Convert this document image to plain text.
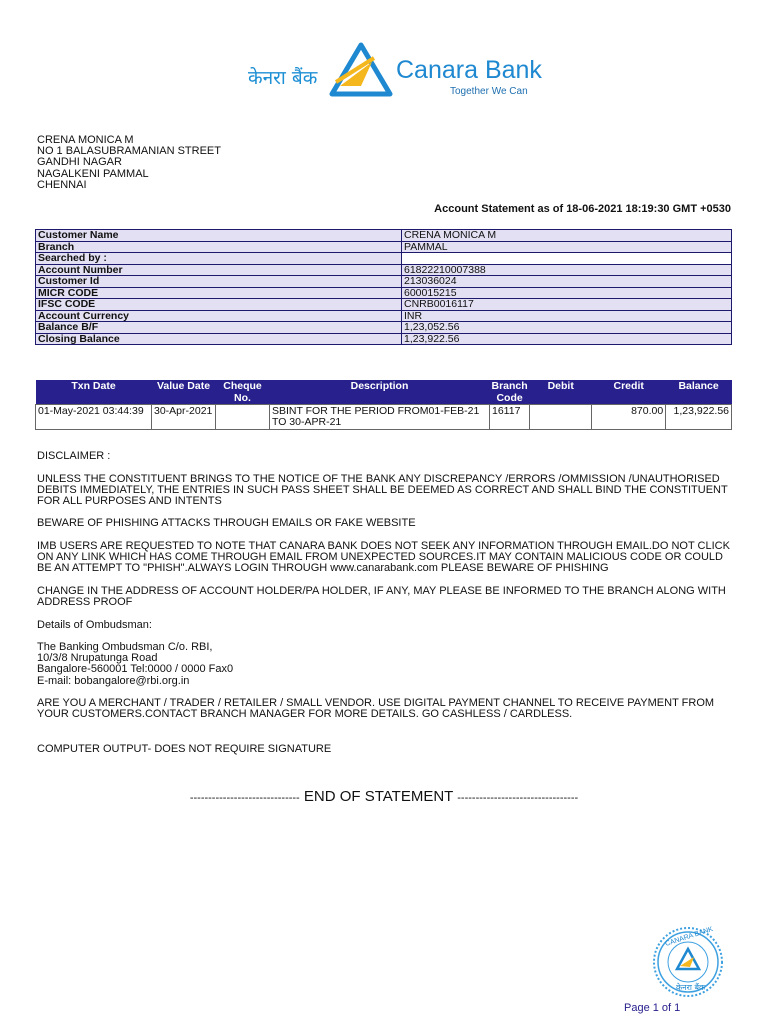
केनरा बैंक	Canara Bank
Together We Can
CRENA MONICA M
NO 1 BALASUBRAMANIAN STREET
GANDHI NAGAR
NAGALKENI PAMMAL
CHENNAI
Account Statement as of 18-06-2021 18:19:30 GMT +0530
Customer Name	CRENA MONICA M
Branch	PAMMAL
Searched by :	
Account Number	61822210007388
Customer Id	213036024
MICR CODE	600015215
IFSC CODE	CNRB0016117
Account Currency	INR
Balance B/F	1,23,052.56
Closing Balance	1,23,922.56
Txn Date	Value Date	Cheque No.	Description	Branch Code	Debit	Credit	Balance
01-May-2021 03:44:39	30-Apr-2021		SBINT FOR THE PERIOD FROM01-FEB-21 TO 30-APR-21	16117		870.00	1,23,922.56
DISCLAIMER :
UNLESS THE CONSTITUENT BRINGS TO THE NOTICE OF THE BANK ANY DISCREPANCY /ERRORS /OMMISSION /UNAUTHORISED DEBITS IMMEDIATELY, THE ENTRIES IN SUCH PASS SHEET SHALL BE DEEMED AS CORRECT AND SHALL BIND THE CONSTITUENT FOR ALL PURPOSES AND INTENTS
BEWARE OF PHISHING ATTACKS THROUGH EMAILS OR FAKE WEBSITE
IMB USERS ARE REQUESTED TO NOTE THAT CANARA BANK DOES NOT SEEK ANY INFORMATION THROUGH EMAIL.DO NOT CLICK ON ANY LINK WHICH HAS COME THROUGH EMAIL FROM UNEXPECTED SOURCES.IT MAY CONTAIN MALICIOUS CODE OR COULD BE AN ATTEMPT TO "PHISH".ALWAYS LOGIN THROUGH www.canarabank.com PLEASE BEWARE OF PHISHING
CHANGE IN THE ADDRESS OF ACCOUNT HOLDER/PA HOLDER, IF ANY, MAY PLEASE BE INFORMED TO THE BRANCH ALONG WITH ADDRESS PROOF
Details of Ombudsman:
The Banking Ombudsman C/o. RBI,
10/3/8 Nrupatunga Road
Bangalore-560001 Tel:0000 / 0000 Fax0
E-mail: bobangalore@rbi.org.in
ARE YOU A MERCHANT / TRADER / RETAILER / SMALL VENDOR. USE DIGITAL PAYMENT CHANNEL TO RECEIVE PAYMENT FROM YOUR CUSTOMERS.CONTACT BRANCH MANAGER FOR MORE DETAILS. GO CASHLESS / CARDLESS.
COMPUTER OUTPUT- DOES NOT REQUIRE SIGNATURE
------------------------------ END OF STATEMENT ---------------------------------
CANARA BANK
केनरा बैंक
Page 1 of 1
